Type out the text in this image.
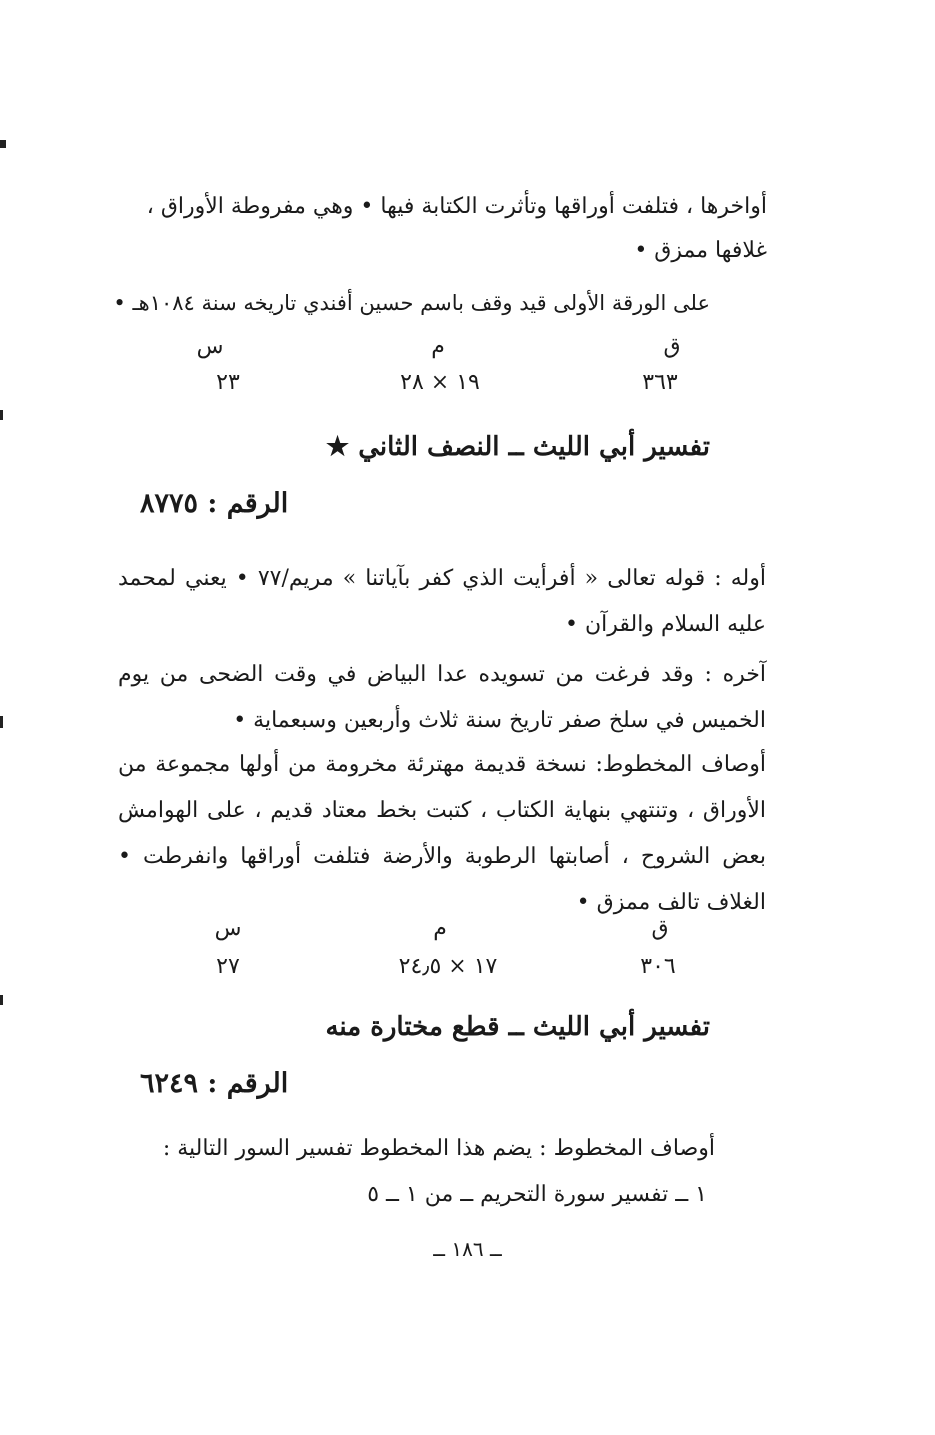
أواخرها ، فتلفت أوراقها وتأثرت الكتابة فيها • وهي مفروطة الأوراق ،

غلافها ممزق •

على الورقة الأولى قيد وقف باسم حسين أفندي تاريخه سنة ١٠٨٤هـ •

ق
م
س
٣٦٣
١٩ × ٢٨
٢٣
تفسير أبي الليث ــ النصف الثاني ★
الرقم : ٨٧٧٥

أوله : قوله تعالى « أفرأيت الذي كفر بآياتنا » مريم/٧٧ • يعني لمحمد عليه السلام والقرآن •

آخره : وقد فرغت من تسويده عدا البياض في وقت الضحى من يوم الخميس في سلخ صفر تاريخ سنة ثلاث وأربعين وسبعماية •

أوصاف المخطوط: نسخة قديمة مهترئة مخرومة من أولها مجموعة من الأوراق ، وتنتهي بنهاية الكتاب ، كتبت بخط معتاد قديم ، على الهوامش بعض الشروح ، أصابتها الرطوبة والأرضة فتلفت أوراقها وانفرطت • الغلاف تالف ممزق •

ق
م
س
٣٠٦
١٧ × ٢٤٫٥
٢٧
تفسير أبي الليث ــ قطع مختارة منه
الرقم : ٦٢٤٩

أوصاف المخطوط : يضم هذا المخطوط تفسير السور التالية :

١ ــ تفسير سورة التحريم ــ من ١ ــ ٥

ــ ١٨٦ ــ
